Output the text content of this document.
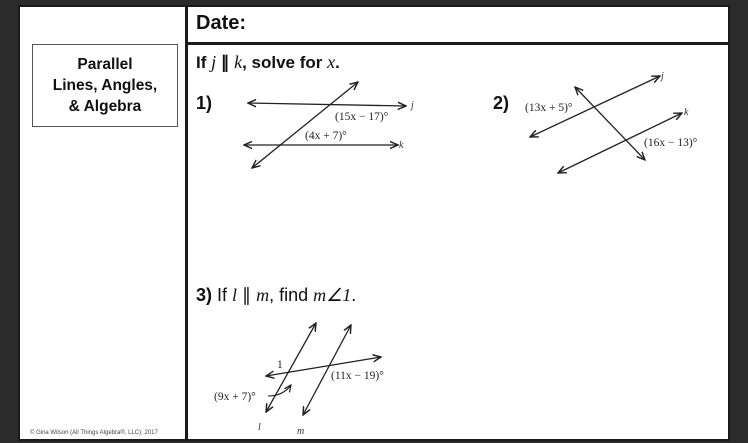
Parallel
Lines, Angles,
& Algebra
© Gina Wilson (All Things Algebra®, LLC), 2017
Date:
If j ∥ k, solve for x.
1)
(15x − 17)°
(4x + 7)°
j
k
(13x + 5)°
(16x − 13)°
j
k
1
(9x + 7)°
(11x − 19)°
l	m
2)
3) If l ∥ m, find m∠1.
